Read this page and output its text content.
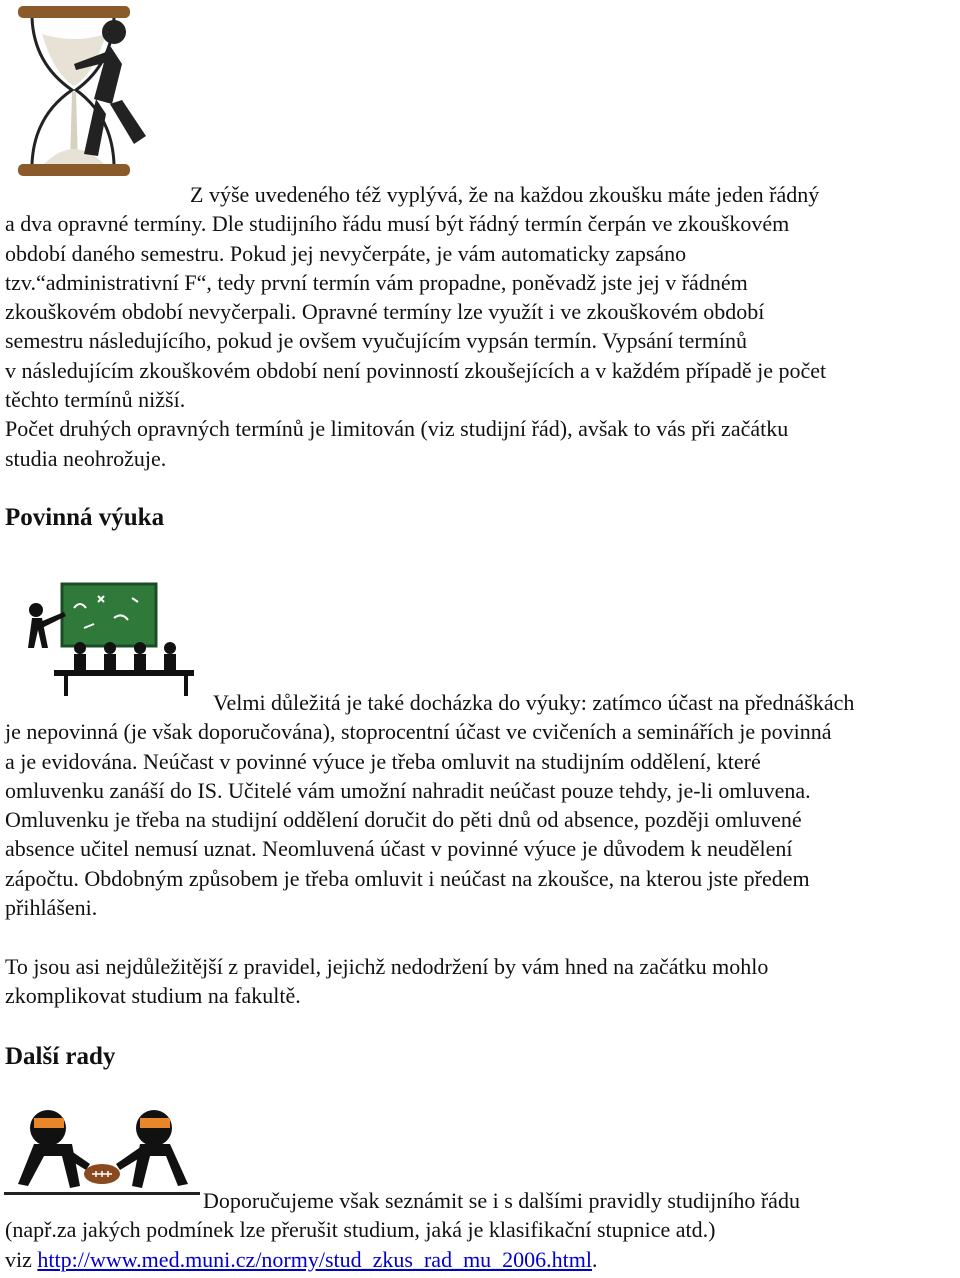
Z výše uvedeného též vyplývá, že na každou zkoušku máte jeden řádný
a dva opravné termíny. Dle studijního řádu musí být řádný termín čerpán ve zkouškovém
období daného semestru. Pokud jej nevyčerpáte, je vám automaticky zapsáno
tzv.“administrativní F“, tedy první termín vám propadne, poněvadž jste jej v řádném
zkouškovém období nevyčerpali. Opravné termíny lze využít i ve zkouškovém období
semestru následujícího, pokud je ovšem vyučujícím vypsán termín. Vypsání termínů
v následujícím zkouškovém období není povinností zkoušejících a v každém případě je počet
těchto termínů nižší.
Počet druhých opravných termínů je limitován (viz studijní řád), avšak to vás při začátku
studia neohrožuje.

Povinná výuka

Velmi důležitá je také docházka do výuky: zatímco účast na přednáškách
je nepovinná (je však doporučována), stoprocentní účast ve cvičeních a seminářích je povinná
a je evidována. Neúčast v povinné výuce je třeba omluvit na studijním oddělení, které
omluvenku zanáší do IS. Učitelé vám umožní nahradit neúčast pouze tehdy, je-li omluvena.
Omluvenku je třeba na studijní oddělení doručit do pěti dnů od absence, později omluvené
absence učitel nemusí uznat. Neomluvená účast v povinné výuce je důvodem k neudělení
zápočtu. Obdobným způsobem je třeba omluvit i neúčast na zkoušce, na kterou jste předem
přihlášeni.
To jsou asi nejdůležitější z pravidel, jejichž nedodržení by vám hned na začátku mohlo
zkomplikovat studium na fakultě.

Další rady

Doporučujeme však seznámit se i s dalšími pravidly studijního řádu
(např.za jakých podmínek lze přerušit studium, jaká je klasifikační stupnice atd.)
viz http://www.med.muni.cz/normy/stud_zkus_rad_mu_2006.html.
